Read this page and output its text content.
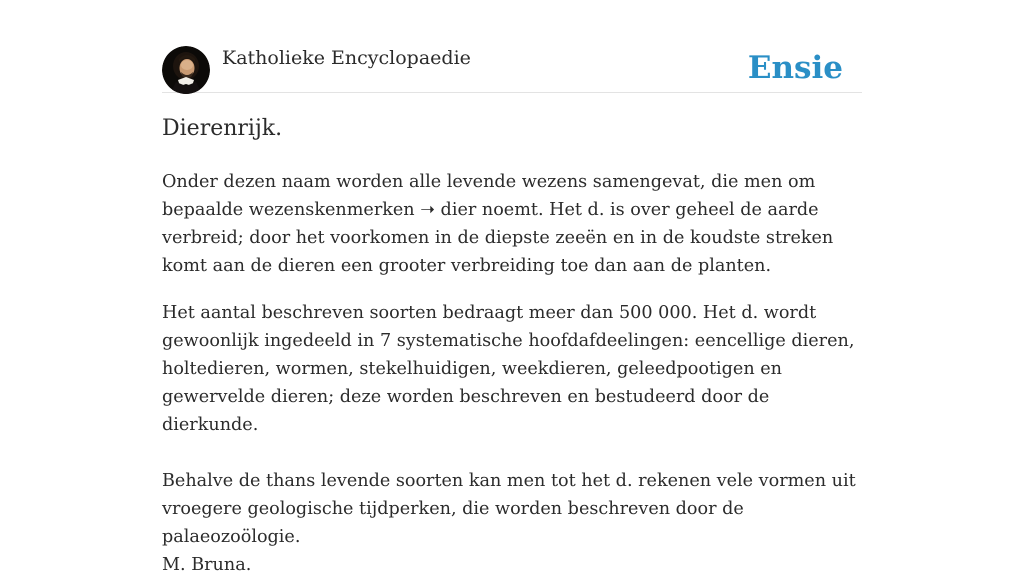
Katholieke Encyclopaedie	Ensie
Dierenrijk.

Onder dezen naam worden alle levende wezens samengevat, die men om bepaalde wezenskenmerken ➝ dier noemt. Het d. is over geheel de aarde verbreid; door het voorkomen in de diepste zeeën en in de koudste streken komt aan de dieren een grooter verbreiding toe dan aan de planten.

Het aantal beschreven soorten bedraagt meer dan 500 000. Het d. wordt gewoonlijk ingedeeld in 7 systematische hoofdafdeelingen: eencellige dieren, holtedieren, wormen, stekelhuidigen, weekdieren, geleedpootigen en gewervelde dieren; deze worden beschreven en bestudeerd door de dierkunde.

Behalve de thans levende soorten kan men tot het d. rekenen vele vormen uit vroegere geologische tijdperken, die worden beschreven door de palaeozoölogie.

M. Bruna.
